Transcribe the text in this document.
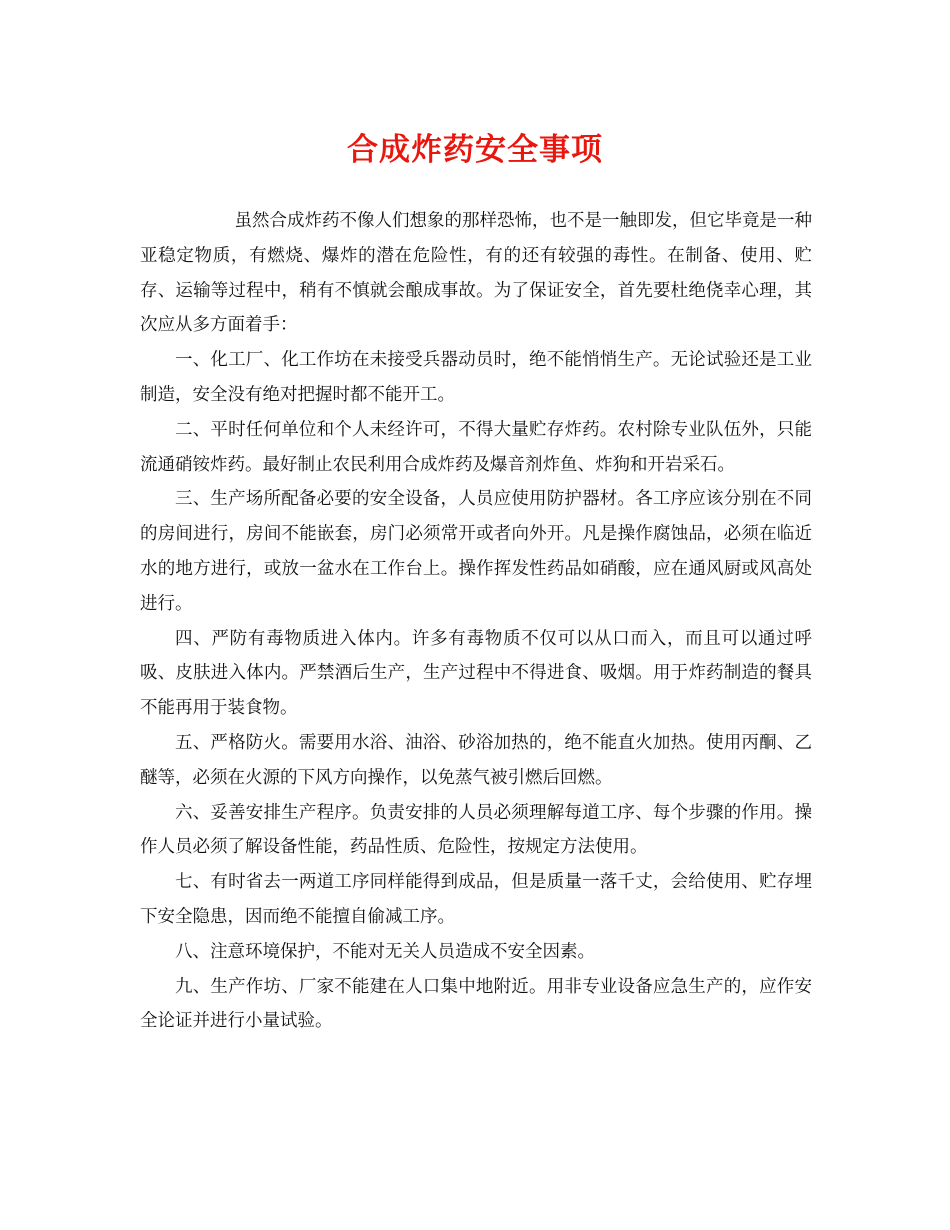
合成炸药安全事项

虽然合成炸药不像人们想象的那样恐怖，也不是一触即发，但它毕竟是一种亚稳定物质，有燃烧、爆炸的潜在危险性，有的还有较强的毒性。在制备、使用、贮存、运输等过程中，稍有不慎就会酿成事故。为了保证安全，首先要杜绝侥幸心理，其次应从多方面着手：

一、化工厂、化工作坊在未接受兵器动员时，绝不能悄悄生产。无论试验还是工业制造，安全没有绝对把握时都不能开工。

二、平时任何单位和个人未经许可，不得大量贮存炸药。农村除专业队伍外，只能流通硝铵炸药。最好制止农民利用合成炸药及爆音剂炸鱼、炸狗和开岩采石。

三、生产场所配备必要的安全设备，人员应使用防护器材。各工序应该分别在不同的房间进行，房间不能嵌套，房门必须常开或者向外开。凡是操作腐蚀品，必须在临近水的地方进行，或放一盆水在工作台上。操作挥发性药品如硝酸，应在通风厨或风高处进行。

四、严防有毒物质进入体内。许多有毒物质不仅可以从口而入，而且可以通过呼吸、皮肤进入体内。严禁酒后生产，生产过程中不得进食、吸烟。用于炸药制造的餐具不能再用于装食物。

五、严格防火。需要用水浴、油浴、砂浴加热的，绝不能直火加热。使用丙酮、乙醚等，必须在火源的下风方向操作，以免蒸气被引燃后回燃。

六、妥善安排生产程序。负责安排的人员必须理解每道工序、每个步骤的作用。操作人员必须了解设备性能，药品性质、危险性，按规定方法使用。

七、有时省去一两道工序同样能得到成品，但是质量一落千丈，会给使用、贮存埋下安全隐患，因而绝不能擅自偷减工序。

八、注意环境保护，不能对无关人员造成不安全因素。

九、生产作坊、厂家不能建在人口集中地附近。用非专业设备应急生产的，应作安全论证并进行小量试验。
